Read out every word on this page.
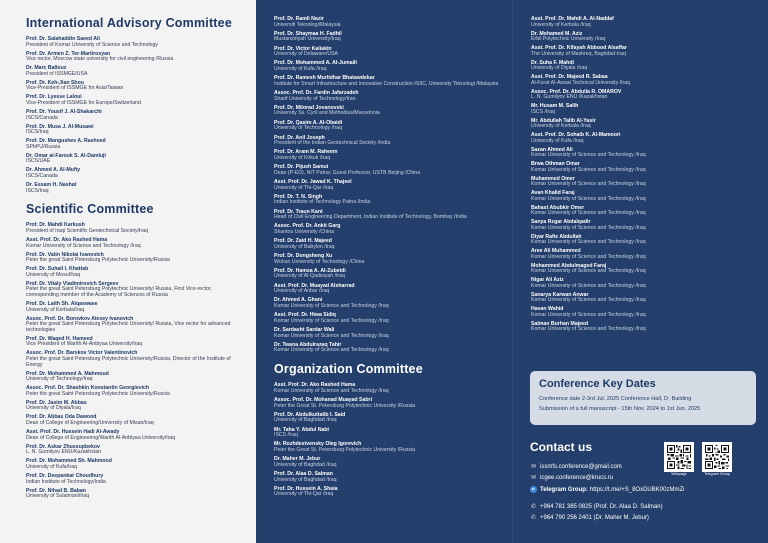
International Advisory Committee
Prof. Dr. Salahaddin Saeed Ali
President of Komar University of Science and Technology
Prof. Dr. Armen Z. Ter-Martirosyan
Vice rector, Moscow state university for civil engineering /Russia
Dr. Marc Ballouz
President of ISSMGE/USA
Prof. Dr. Keh-Jian Shou
Vice-President of ISSMGE for Asia/Taiwan
Prof. Dr. Lyesse Laloui
Vice-President of ISSMGE for Europe/Switzerland
Prof. Dr. Yousif J. Al-Shakarchi
ISCS/Canada
Prof. Dr. Musa J. Al-Musawi
ISCS/Iraq
Prof. Dr. Mangushev A. Rasheed
SPbPU/Russia
Dr. Omar al-Farouk S. Al-Damluji
ISCS/UAE
Dr. Ahmed A. Al-Mufty
ISCS/Canada
Dr. Essam H. Nashat
ISCS/Iraq
Scientific Committee
Prof. Dr. Mahdi Karkush
President of Iraqi Scientific Geotechnical Society/Iraq
Asst. Prof. Dr. Ako Rashed Hama
Komar University of Science and Technology /Iraq
Prof. Dr. Vatin Nikolai Ivanovich
Peter the great Saint Petersburg Polytechnic University/Russia
Prof. Dr. Suhail I. Khattab
University of Mosul/Iraq
Prof. Dr. Vitaly Vladimirovich Sergeev
Peter the great Saint Petersburg Polytechnic University/ Russia, First Vice-rector, corresponding member of the Academy of Sciences of Russia
Prof. Dr. Laith Sh. Alqaswaee
University of Kerbala/Iraq
Assoc. Prof. Dr. Borovkov Alexey Ivanovich
Peter the great Saint Petersburg Polytechnic University/ Russia, Vice rector for advanced technologies
Prof. Dr. Waqed H. Hameed
Vice President of Warith Al-Anbiyaa University/Iraq
Assoc. Prof. Dr. Barskov Victor Valentinovich
Peter the great Saint Petersburg Polytechnic University/Russia, Director of the Institute of Energy
Prof. Dr. Mohammed A. Mahmoud
University of Technology/Iraq
Assoc. Prof. Dr. Shashkin Konstantin Georgievich
Peter the great Saint Petersburg Polytechnic University/Russia
Prof. Dr. Jasim M. Abbas
University of Diyala/Iraq
Prof. Dr. Abbas Oda Dawood
Dean of College of Engineering/University of Misan/Iraq
Asst. Prof. Dr. Hussein Hadi Al-Awady
Dean of College of Engineering/Warith Al-Anbiyaa University/Iraq
Prof. Dr. Askar Zhussupbekov
L. N. Gumilyov ENU/Kazakhstan
Prof. Dr. Mohammed Sh. Mahmood
University of Kufa/Iraq
Prof. Dr. Deepankar Choudhury
Indian Institute of Technology/India
Prof. Dr. Nihad B. Baban
University of Sulaimani/Iraq
Prof. Dr. Ramli Nazir
Universiti Teknologi/Malaysia
Prof. Dr. Shaymaa H. Fadhil
Mustansiriyah University/Iraq
Prof. Dr. Victor Kaliakin
University of Delaware/USA
Prof. Dr. Mohammed A. Al-Jumaili
University of Kufa /Iraq
Prof. Dr. Ramesh Murlidhar Bhatawdekar
Institute for Smart Infrastructure and Innovative Construction-ISIIC, University Teknologi /Malaysia
Assoc. Prof. Dr. Fardin Jafarzadeh
Sharif University of Technology/Iran
Prof. Dr. Milorad Jovanovski
University Ss. Cyril and Methodius/Macedonia
Prof. Dr. Qasim A. Al-Obaidi
University of Technology /Iraq
Prof. Dr. Anil Joseph
President of the Indian Geotechnical Society /India
Prof. Dr. Aram M. Raheem
University of Kirkuk /Iraq
Prof. Dr. Pijush Samui
Dean (P-ED), NIT Patna; Guest Professor, USTB Beijing /China
Asst. Prof. Dr. Jawad K. Thajeel
University of Thi-Qar /Iraq
Prof. Dr. T. N. Singh
Indian Institute of Technology Patna /India
Prof. Dr. Traun Kant
Head of Civil Engineering Department, Indian Institute of Technology, Bombay /India
Assoc. Prof. Dr. Ankit Garg
Shantou University /China
Prof. Dr. Zaid H. Majeed
University of Babylon /Iraq
Prof. Dr. Dongsheng Xu
Wuhan University of Technology /China
Prof. Dr. Hamsa A. Al-Zubeidi
University of Al-Qadisiyah /Iraq
Asst. Prof. Dr. Muayad Alsharrad
University of Anbar /Iraq
Dr. Ahmed A. Ghani
Komar University of Science and Technology /Iraq
Asst. Prof. Dr. Hiwa Sidiq
Komar University of Science and Technology /Iraq
Dr. Sardasht Sardar Wali
Komar University of Science and Technology /Iraq
Dr. Twana Abdulrazaq Tahir
Komar University of Science and Technology /Iraq
Organization Committee
Asst. Prof. Dr. Ako Rashed Hama
Komar University of Science and Technology /Iraq
Assoc. Prof. Dr. Mohanad Muayad Sabri
Peter the Great St. Petersburg Polytechnic University /Russia
Prof. Dr. Abdulkuttalib I. Said
University of Baghdad /Iraq
Mr. Taha Y. Abdul Nabi
ISCS /Iraq
Mr. Rozhdestvensky Oleg Igorevich
Peter the Great St. Petersburg Polytechnic University /Russia
Dr. Maher M. Jebur
University of Baghdad /Iraq
Prof. Dr. Alaa D. Salman
University of Baghdad /Iraq
Prof. Dr. Hussein A. Shaia
University of Thi-Qar /Iraq
Asst. Prof. Dr. Mahdi A. Al-Naddaf
University of Kerbala /Iraq
Dr. Mohamed M. Aziz
Erbil Polytechnic University /Iraq
Asst. Prof. Dr. Kifayah Abbood Alsaffar
The University of Mashreq, Baghdad-Iraq
Dr. Suha F. Mahdi
University of Diyala /Iraq
Asst. Prof. Dr. Majeed R. Sabaa
Al-Furat Al-Awsat Technical University /Iraq
Assoc. Prof. Dr. Abdulla R. OMAROV
L. N. Gumilyov ENU /Kazakhstan
Mr. Husam M. Salih
ISCS /Iraq
Mr. Abdullah Talib Al-Yasir
University of Kerbala /Iraq
Asst. Prof. Dr. Sohaib K. Al-Mamoori
University of Kufa /Iraq
Sazan Ahmed Ali
Komar University of Science and Technology /Iraq
Brwa Othman Omar
Komar University of Science and Technology /Iraq
Muhammed Omer
Komar University of Science and Technology /Iraq
Avan Khalid Faraj
Komar University of Science and Technology /Iraq
Bahast Abubkir Omer
Komar University of Science and Technology /Iraq
Sanya Rzgar Abdalqadir
Komar University of Science and Technology /Iraq
Diyar Rafie Abdullah
Komar University of Science and Technology /Iraq
Aree Ali Muhammed
Komar University of Science and Technology /Iraq
Mohammed Abdulmaged Faraj
Komar University of Science and Technology /Iraq
Nigar Ali Aziz
Komar University of Science and Technology /Iraq
Sanarya Karwan Anwar
Komar University of Science and Technology /Iraq
Havan Wahid
Komar University of Science and Technology /Iraq
Salman Burhan Majeed
Komar University of Science and Technology /Iraq
Conference Key Dates
Conference date 2-3rd Jul. 2025 Conference Hall, D- Building
Submission of a full manuscript - 15th Nov. 2024 to 1st Jun. 2025
Contact us
✉ issmfs.conference@gmail.com
✉ icgee.conference@krucs.ru
Telegram Group: https://t.me/+S_8OxDUBK00zMmZi
✆ +964 781 385 0825 (Prof. Dr. Alaa D. Salman)
✆ +964 790 256 2401 (Dr. Maher M. Jebur)
Webpage	Telegram Group
